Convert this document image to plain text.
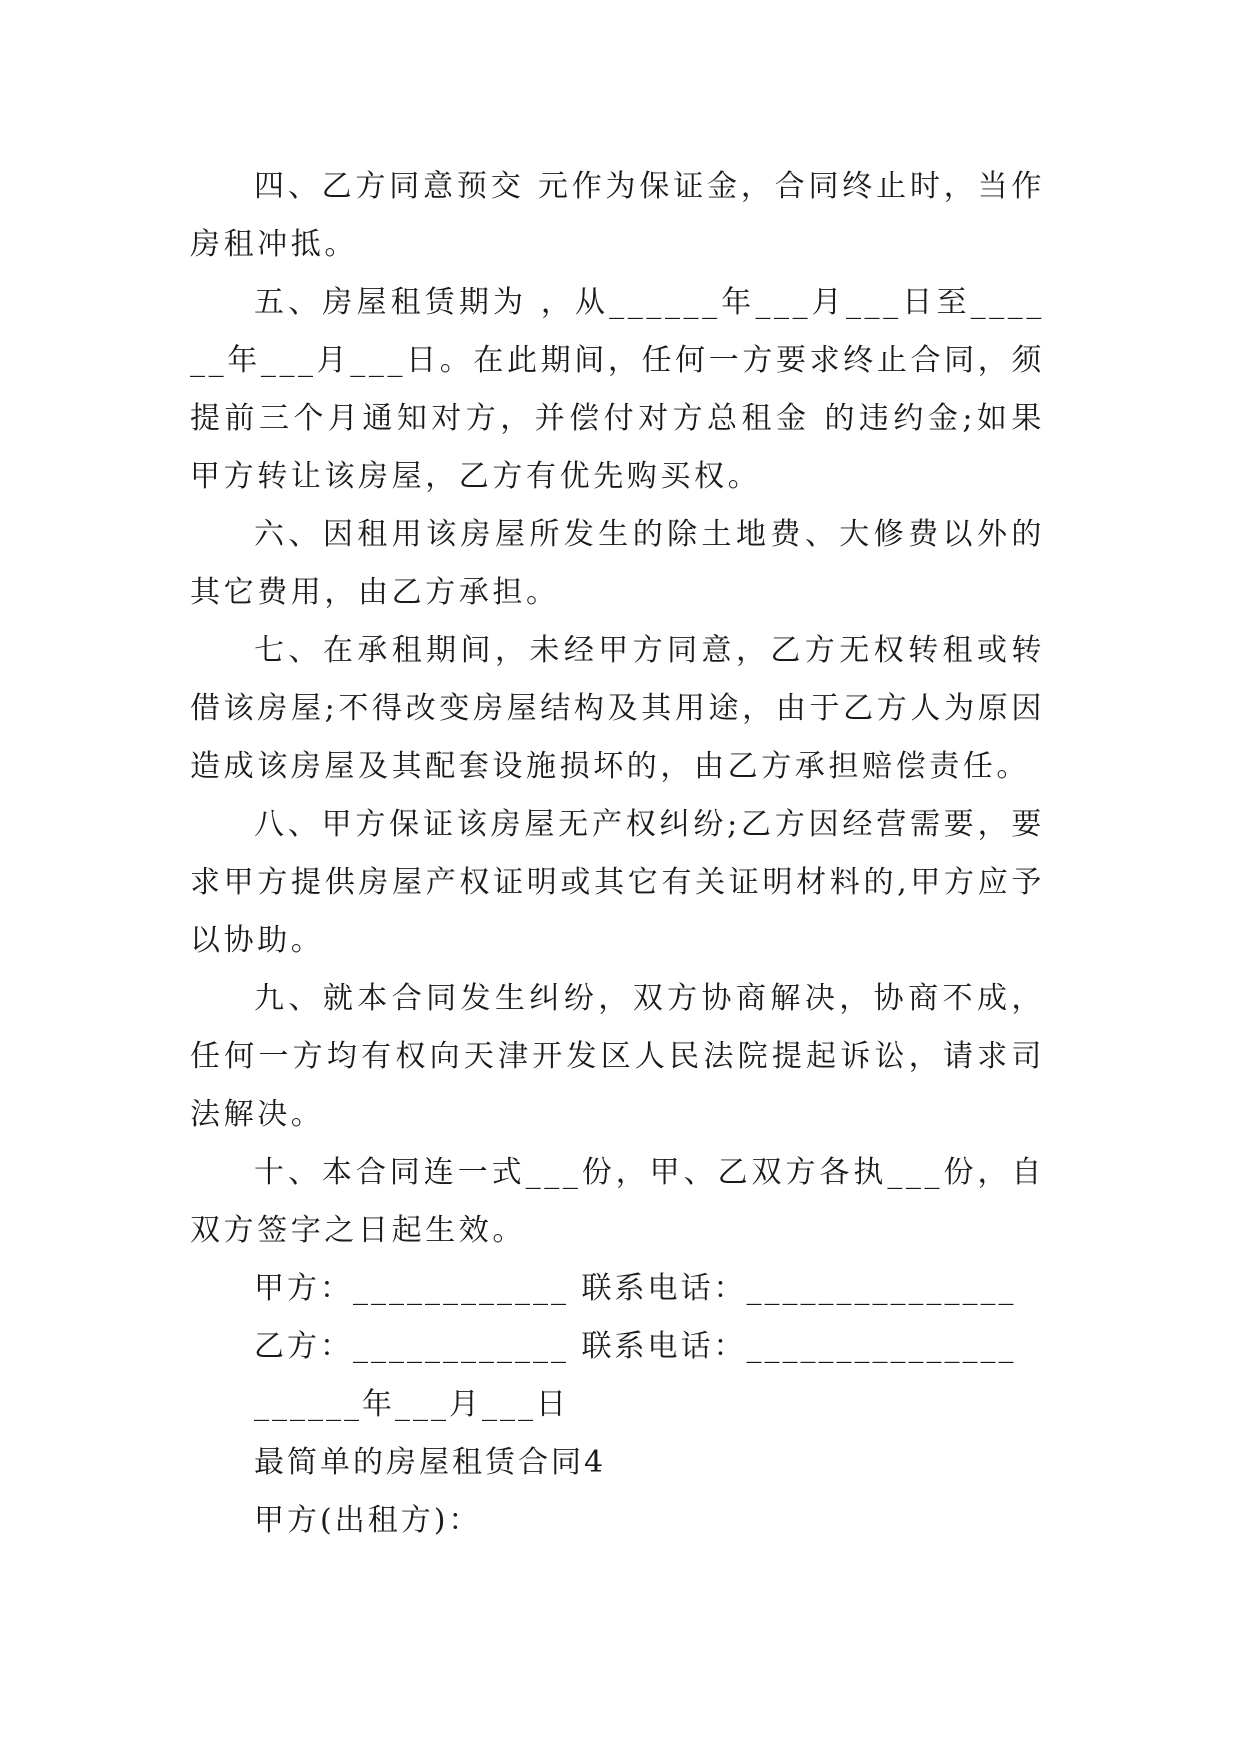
四、乙方同意预交 元作为保证金，合同终止时，当作房租冲抵。

五、房屋租赁期为 ，从______年___月___日至______年___月___日。在此期间，任何一方要求终止合同，须提前三个月通知对方，并偿付对方总租金 的违约金;如果甲方转让该房屋，乙方有优先购买权。

六、因租用该房屋所发生的除土地费、大修费以外的其它费用，由乙方承担。

七、在承租期间，未经甲方同意，乙方无权转租或转借该房屋;不得改变房屋结构及其用途，由于乙方人为原因造成该房屋及其配套设施损坏的，由乙方承担赔偿责任。

八、甲方保证该房屋无产权纠纷;乙方因经营需要，要求甲方提供房屋产权证明或其它有关证明材料的,甲方应予以协助。

九、就本合同发生纠纷，双方协商解决，协商不成，任何一方均有权向天津开发区人民法院提起诉讼，请求司法解决。

十、本合同连一式___份，甲、乙双方各执___份，自双方签字之日起生效。

甲方：____________ 联系电话：_______________

乙方：____________ 联系电话：_______________

______年___月___日

最简单的房屋租赁合同4

甲方(出租方)：
